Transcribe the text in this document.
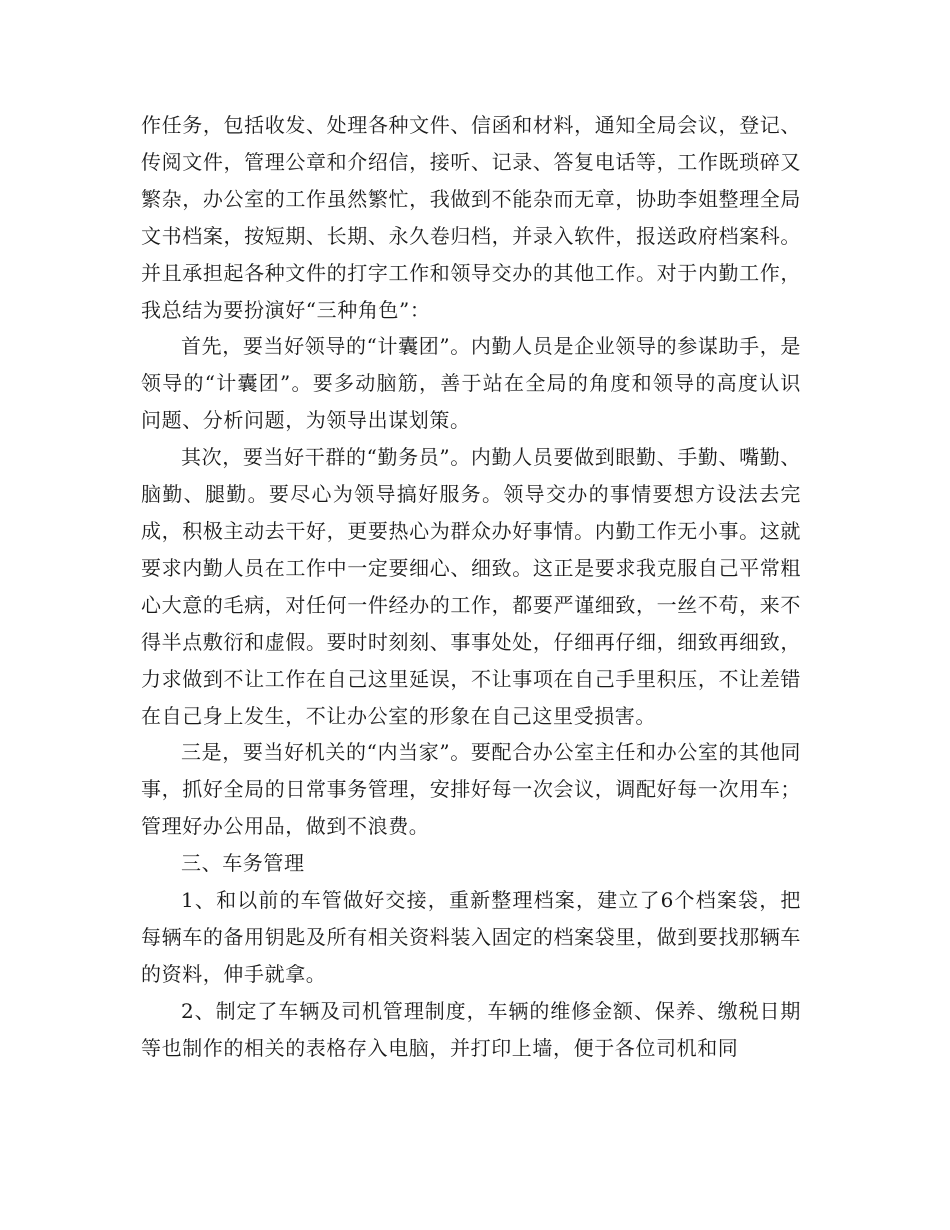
作任务，包括收发、处理各种文件、信函和材料，通知全局会议，登记、传阅文件，管理公章和介绍信，接听、记录、答复电话等，工作既琐碎又繁杂，办公室的工作虽然繁忙，我做到不能杂而无章，协助李姐整理全局文书档案，按短期、长期、永久卷归档，并录入软件，报送政府档案科。并且承担起各种文件的打字工作和领导交办的其他工作。对于内勤工作，我总结为要扮演好“三种角色”：

首先，要当好领导的“计囊团”。内勤人员是企业领导的参谋助手，是领导的“计囊团”。要多动脑筋，善于站在全局的角度和领导的高度认识问题、分析问题，为领导出谋划策。

其次，要当好干群的“勤务员”。内勤人员要做到眼勤、手勤、嘴勤、脑勤、腿勤。要尽心为领导搞好服务。领导交办的事情要想方设法去完成，积极主动去干好，更要热心为群众办好事情。内勤工作无小事。这就要求内勤人员在工作中一定要细心、细致。这正是要求我克服自己平常粗心大意的毛病，对任何一件经办的工作，都要严谨细致，一丝不苟，来不得半点敷衍和虚假。要时时刻刻、事事处处，仔细再仔细，细致再细致，力求做到不让工作在自己这里延误，不让事项在自己手里积压，不让差错在自己身上发生，不让办公室的形象在自己这里受损害。

三是，要当好机关的“内当家”。要配合办公室主任和办公室的其他同事，抓好全局的日常事务管理，安排好每一次会议，调配好每一次用车； 管理好办公用品，做到不浪费。

三、车务管理

1、和以前的车管做好交接，重新整理档案，建立了6个档案袋，把每辆车的备用钥匙及所有相关资料装入固定的档案袋里，做到要找那辆车的资料，伸手就拿。

2、制定了车辆及司机管理制度，车辆的维修金额、保养、缴税日期等也制作的相关的表格存入电脑，并打印上墙，便于各位司机和同
